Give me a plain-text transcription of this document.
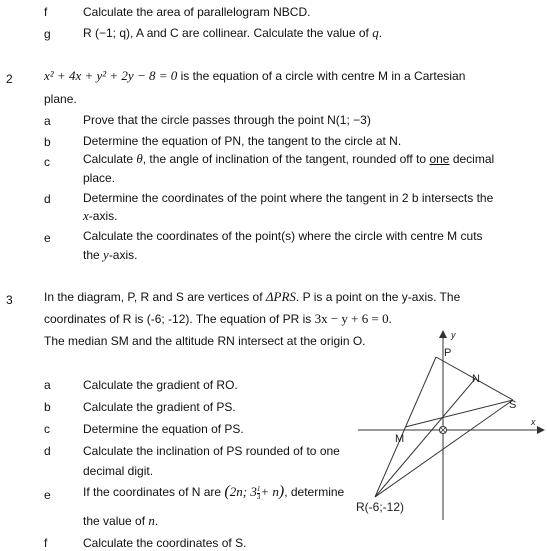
f	Calculate the area of parallelogram NBCD.
g	R (−1; q), A and C are collinear. Calculate the value of q.
2 x² + 4x + y² + 2y − 8 = 0 is the equation of a circle with centre M in a Cartesian
plane.
a	Prove that the circle passes through the point N(1; −3)
b	Determine the equation of PN, the tangent to the circle at N.
c	Calculate θ, the angle of inclination of the tangent, rounded off to one decimal
place.
d	Determine the coordinates of the point where the tangent in 2 b intersects the
x-axis.
e	Calculate the coordinates of the point(s) where the circle with centre M cuts
the y-axis.
3	In the diagram, P, R and S are vertices of ΔPRS. P is a point on the y-axis. The
coordinates of R is (-6; -12). The equation of PR is 3x − y + 6 = 0.
The median SM and the altitude RN intersect at the origin O.
a	Calculate the gradient of RO.
b	Calculate the gradient of PS.
c	Determine the equation of PS.
d	Calculate the inclination of PS rounded of to one
decimal digit.
e	If the coordinates of N are (2n; $3 \frac{1}{3} + n$), determine
the value of n.
f	Calculate the coordinates of S.
y
P
N
S
M
x
R(-6;-12)
